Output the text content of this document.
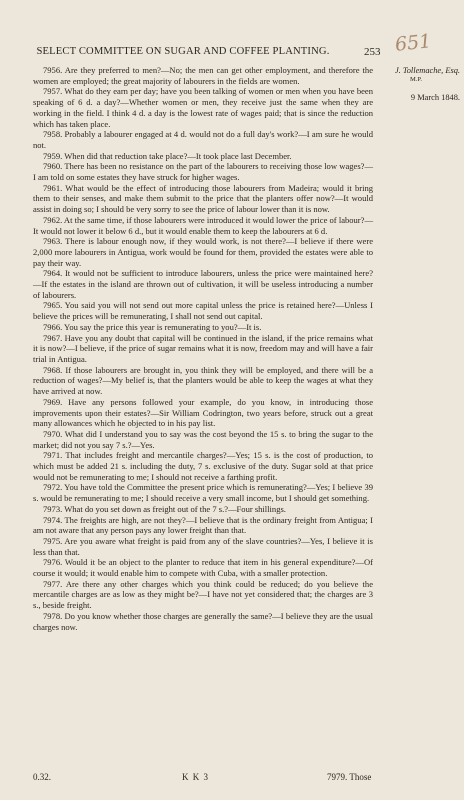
SELECT COMMITTEE ON SUGAR AND COFFEE PLANTING.	253 651
J. Tollemache, Esq.
M.P.
9 March 1848.

7956. Are they preferred to men?—No; the men can get other employment, and therefore the women are employed; the great majority of labourers in the fields are women.

7957. What do they earn per day; have you been talking of women or men when you have been speaking of 6 d. a day?—Whether women or men, they receive just the same when they are working in the field. I think 4 d. a day is the lowest rate of wages paid; that is since the reduction which has taken place.

7958. Probably a labourer engaged at 4 d. would not do a full day's work?—I am sure he would not.

7959. When did that reduction take place?—It took place last December.

7960. There has been no resistance on the part of the labourers to receiving those low wages?—I am told on some estates they have struck for higher wages.

7961. What would be the effect of introducing those labourers from Madeira; would it bring them to their senses, and make them submit to the price that the planters offer now?—It would assist in doing so; I should be very sorry to see the price of labour lower than it is now.

7962. At the same time, if those labourers were introduced it would lower the price of labour?—It would not lower it below 6 d., but it would enable them to keep the labourers at 6 d.

7963. There is labour enough now, if they would work, is not there?—I believe if there were 2,000 more labourers in Antigua, work would be found for them, provided the estates were able to pay their way.

7964. It would not be sufficient to introduce labourers, unless the price were maintained here?—If the estates in the island are thrown out of cultivation, it will be useless introducing a number of labourers.

7965. You said you will not send out more capital unless the price is retained here?—Unless I believe the prices will be remunerating, I shall not send out capital.

7966. You say the price this year is remunerating to you?—It is.

7967. Have you any doubt that capital will be continued in the island, if the price remains what it is now?—I believe, if the price of sugar remains what it is now, freedom may and will have a fair trial in Antigua.

7968. If those labourers are brought in, you think they will be employed, and there will be a reduction of wages?—My belief is, that the planters would be able to keep the wages at what they have arrived at now.

7969. Have any persons followed your example, do you know, in introducing those improvements upon their estates?—Sir William Codrington, two years before, struck out a great many allowances which he objected to in his pay list.

7970. What did I understand you to say was the cost beyond the 15 s. to bring the sugar to the market; did not you say 7 s.?—Yes.

7971. That includes freight and mercantile charges?—Yes; 15 s. is the cost of production, to which must be added 21 s. including the duty, 7 s. exclusive of the duty. Sugar sold at that price would not be remunerating to me; I should not receive a farthing profit.

7972. You have told the Committee the present price which is remunerating?—Yes; I believe 39 s. would be remunerating to me; I should receive a very small income, but I should get something.

7973. What do you set down as freight out of the 7 s.?—Four shillings.

7974. The freights are high, are not they?—I believe that is the ordinary freight from Antigua; I am not aware that any person pays any lower freight than that.

7975. Are you aware what freight is paid from any of the slave countries?—Yes, I believe it is less than that.

7976. Would it be an object to the planter to reduce that item in his general expenditure?—Of course it would; it would enable him to compete with Cuba, with a smaller protection.

7977. Are there any other charges which you think could be reduced; do you believe the mercantile charges are as low as they might be?—I have not yet considered that; the charges are 3 s., beside freight.

7978. Do you know whether those charges are generally the same?—I believe they are the usual charges now.

0.32.	K K 3	7979. Those
